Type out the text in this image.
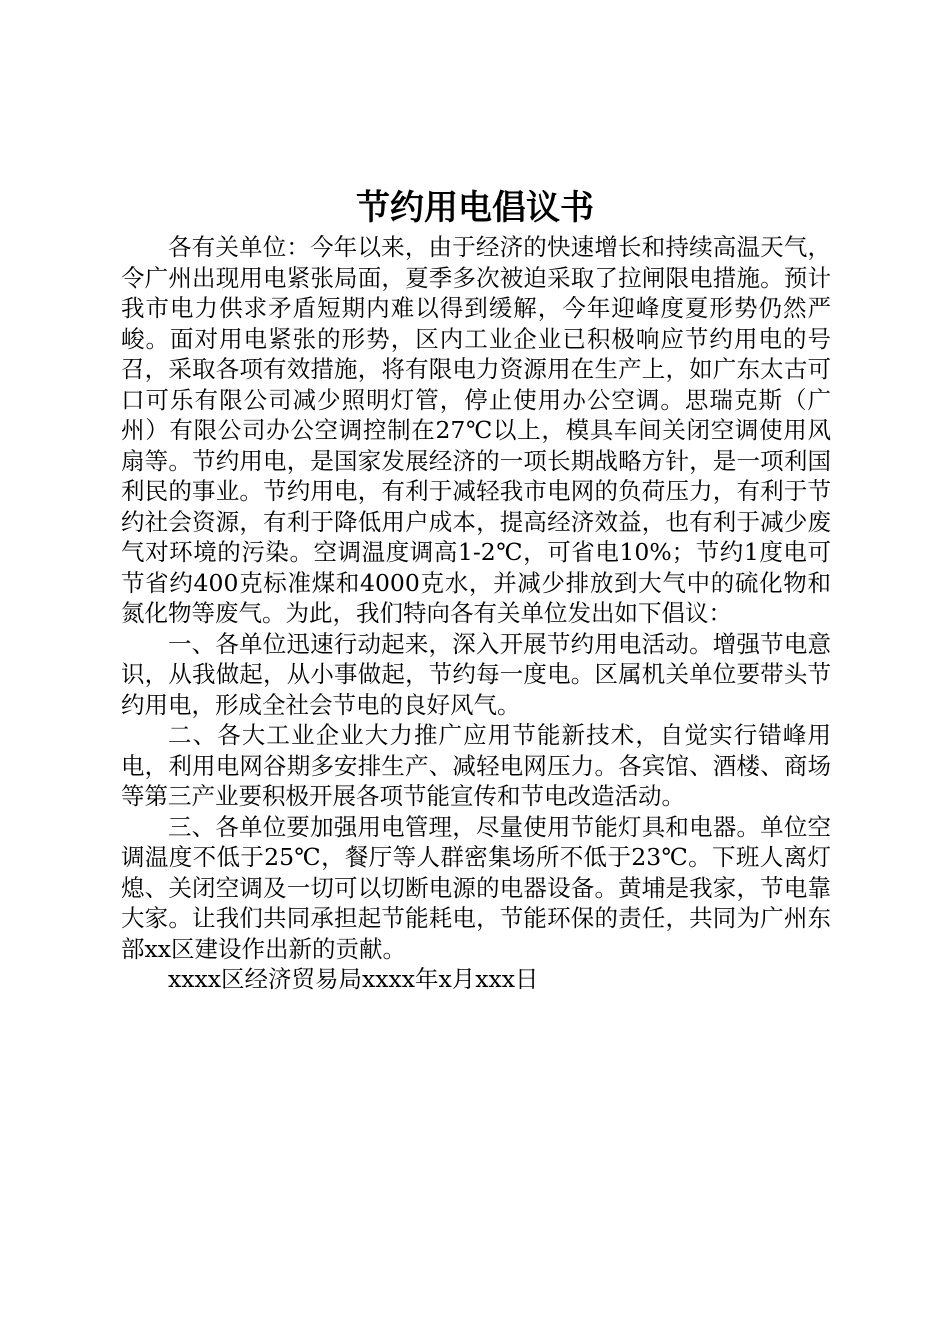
节约用电倡议书

各有关单位：今年以来，由于经济的快速增长和持续高温天气，令广州出现用电紧张局面，夏季多次被迫采取了拉闸限电措施。预计我市电力供求矛盾短期内难以得到缓解，今年迎峰度夏形势仍然严峻。面对用电紧张的形势，区内工业企业已积极响应节约用电的号召，采取各项有效措施，将有限电力资源用在生产上，如广东太古可口可乐有限公司减少照明灯管，停止使用办公空调。思瑞克斯（广州）有限公司办公空调控制在27℃以上，模具车间关闭空调使用风扇等。节约用电，是国家发展经济的一项长期战略方针，是一项利国利民的事业。节约用电，有利于减轻我市电网的负荷压力，有利于节约社会资源，有利于降低用户成本，提高经济效益，也有利于减少废气对环境的污染。空调温度调高1-2℃，可省电10%；节约1度电可节省约400克标准煤和4000克水，并减少排放到大气中的硫化物和氮化物等废气。为此，我们特向各有关单位发出如下倡议：

一、各单位迅速行动起来，深入开展节约用电活动。增强节电意识，从我做起，从小事做起，节约每一度电。区属机关单位要带头节约用电，形成全社会节电的良好风气。

二、各大工业企业大力推广应用节能新技术，自觉实行错峰用电，利用电网谷期多安排生产、减轻电网压力。各宾馆、酒楼、商场等第三产业要积极开展各项节能宣传和节电改造活动。

三、各单位要加强用电管理，尽量使用节能灯具和电器。单位空调温度不低于25℃，餐厅等人群密集场所不低于23℃。下班人离灯熄、关闭空调及一切可以切断电源的电器设备。黄埔是我家，节电靠大家。让我们共同承担起节能耗电，节能环保的责任，共同为广州东部xx区建设作出新的贡献。

xxxx区经济贸易局xxxx年x月xxx日
